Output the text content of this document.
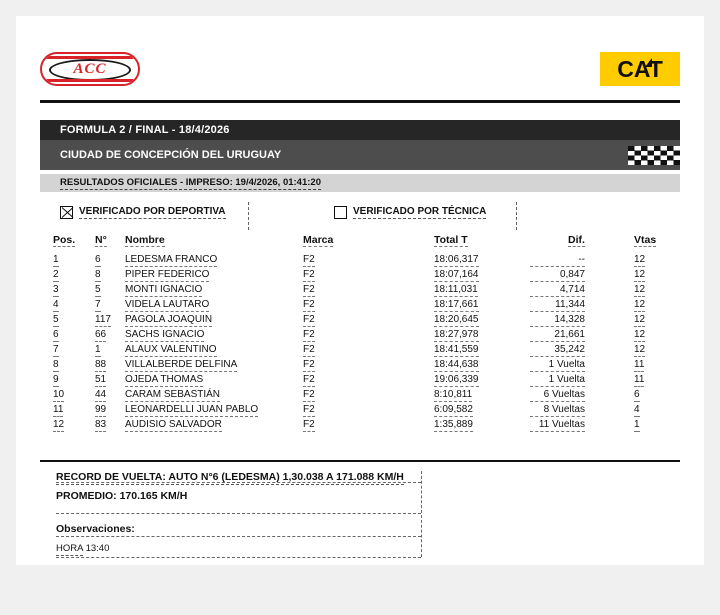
ACC	CAT
FORMULA 2 / FINAL - 18/4/2026
CIUDAD DE CONCEPCIÓN DEL URUGUAY
RESULTADOS OFICIALES - IMPRESO: 19/4/2026, 01:41:20
VERIFICADO POR DEPORTIVA	VERIFICADO POR TÉCNICA
Pos. N° Nombre	Marca	Total T	Dif.	Vtas
1	6 LEDESMA FRANCO	F2	18:06,317	--	12
2	8 PIPER FEDERICO	F2	18:07,164	0,847	12
3	5 MONTI IGNACIO	F2	18:11,031	4,714	12
4	7 VIDELA LAUTARO	F2	18:17,661	11,344	12
5	117 PAGOLA JOAQUIN	F2	18:20,645	14,328	12
6	66 SACHS IGNACIO	F2	18:27,978	21,661	12
7	1 ALAUX VALENTINO	F2	18:41,559	35,242	12
8	88 VILLALBERDE DELFINA	F2	18:44,638	1 Vuelta	11
9	51 OJEDA THOMAS	F2	19:06,339	1 Vuelta	11
10	44 CARAM SEBASTIÁN	F2	8:10,811	6 Vueltas	6
11	99 LEONARDELLI JUAN PABLO	F2	6:09,582	8 Vueltas	4
12	83 AUDISIO SALVADOR	F2	1:35,889	11 Vueltas	1
RECORD DE VUELTA: AUTO N°6 (LEDESMA) 1,30.038 A 171.088 KM/H
PROMEDIO: 170.165 KM/H
Observaciones:
HORA 13:40
